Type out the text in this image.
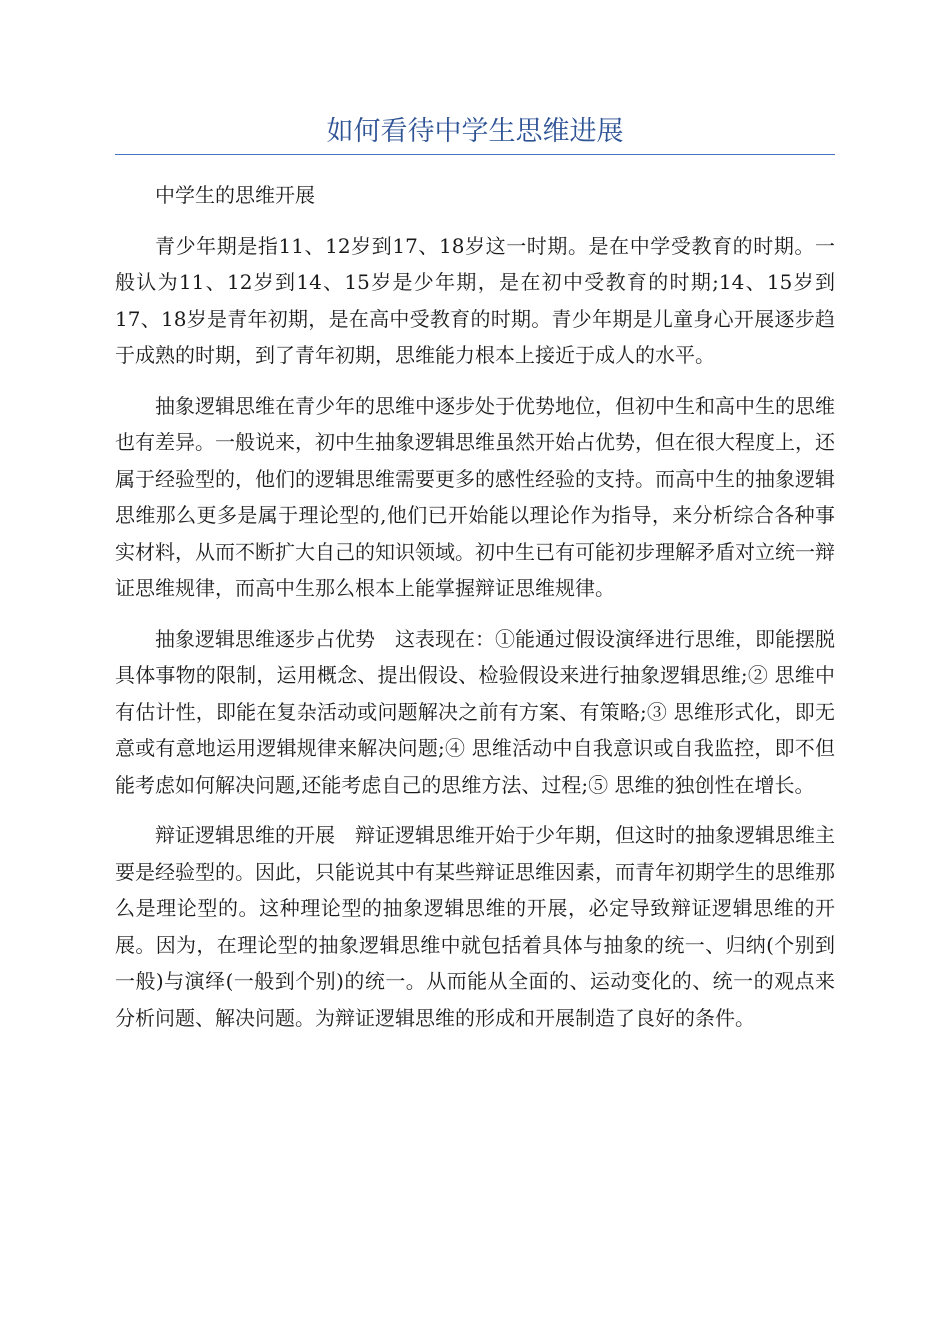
如何看待中学生思维进展

中学生的思维开展

青少年期是指11、12岁到17、18岁这一时期。是在中学受教育的时期。一般认为11、12岁到14、15岁是少年期，是在初中受教育的时期;14、15岁到17、18岁是青年初期，是在高中受教育的时期。青少年期是儿童身心开展逐步趋于成熟的时期，到了青年初期，思维能力根本上接近于成人的水平。

抽象逻辑思维在青少年的思维中逐步处于优势地位，但初中生和高中生的思维也有差异。一般说来，初中生抽象逻辑思维虽然开始占优势，但在很大程度上，还属于经验型的，他们的逻辑思维需要更多的感性经验的支持。而高中生的抽象逻辑思维那么更多是属于理论型的,他们已开始能以理论作为指导，来分析综合各种事实材料，从而不断扩大自己的知识领域。初中生已有可能初步理解矛盾对立统一辩证思维规律，而高中生那么根本上能掌握辩证思维规律。

抽象逻辑思维逐步占优势　这表现在：①能通过假设演绎进行思维，即能摆脱具体事物的限制，运用概念、提出假设、检验假设来进行抽象逻辑思维;② 思维中有估计性，即能在复杂活动或问题解决之前有方案、有策略;③ 思维形式化，即无意或有意地运用逻辑规律来解决问题;④ 思维活动中自我意识或自我监控，即不但能考虑如何解决问题,还能考虑自己的思维方法、过程;⑤ 思维的独创性在增长。

辩证逻辑思维的开展　辩证逻辑思维开始于少年期，但这时的抽象逻辑思维主要是经验型的。因此，只能说其中有某些辩证思维因素，而青年初期学生的思维那么是理论型的。这种理论型的抽象逻辑思维的开展，必定导致辩证逻辑思维的开展。因为，在理论型的抽象逻辑思维中就包括着具体与抽象的统一、归纳(个别到一般)与演绎(一般到个别)的统一。从而能从全面的、运动变化的、统一的观点来分析问题、解决问题。为辩证逻辑思维的形成和开展制造了良好的条件。
